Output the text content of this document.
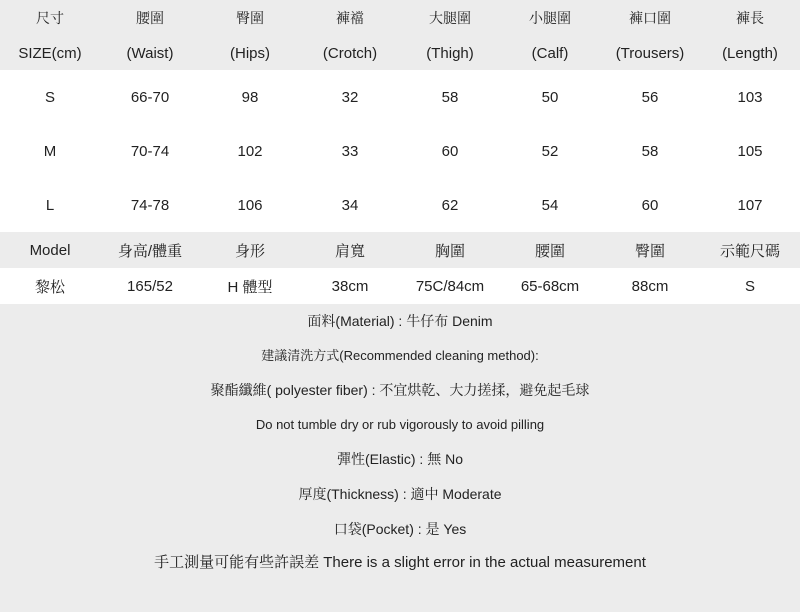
尺寸	腰圍	臀圍	褲襠	大腿圍	小腿圍	褲口圍	褲長
SIZE(cm)	(Waist)	(Hips)	(Crotch)	(Thigh)	(Calf)	(Trousers)	(Length)
S	66-70	98	32	58	50	56	103
M	70-74	102	33	60	52	58	105
L	74-78	106	34	62	54	60	107
Model	身高/體重	身形	肩寬	胸圍	腰圍	臀圍	示範尺碼
黎松	165/52	H 體型	38cm	75C/84cm	65-68cm	88cm	S
面料(Material) : 牛仔布 Denim
建議清洗方式(Recommended cleaning method):
聚酯纖維( polyester fiber) : 不宜烘乾、大力搓揉，避免起毛球
Do not tumble dry or rub vigorously to avoid pilling
彈性(Elastic) : 無 No
厚度(Thickness) : 適中 Moderate
口袋(Pocket) : 是 Yes
手工測量可能有些許誤差 There is a slight error in the actual measurement
